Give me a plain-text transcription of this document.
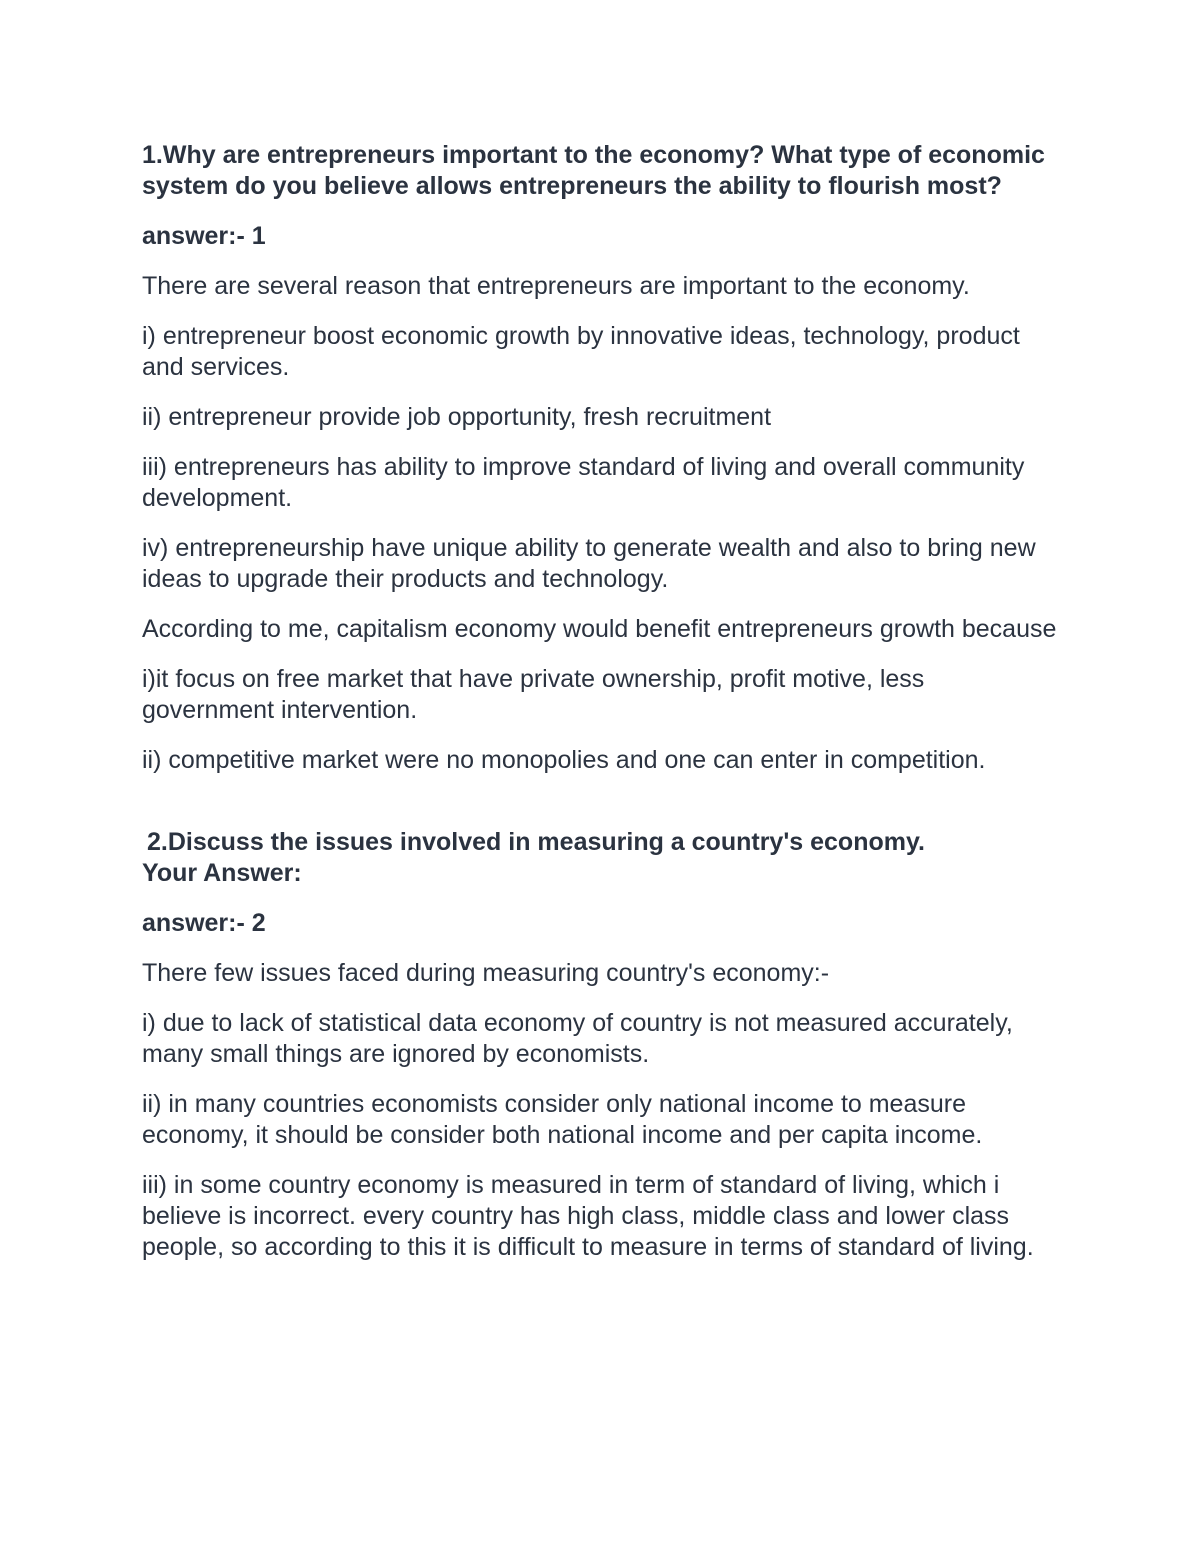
1.Why are entrepreneurs important to the economy? What type of economic system do you believe allows entrepreneurs the ability to flourish most?

answer:- 1

There are several reason that entrepreneurs are important to the economy.

i) entrepreneur boost economic growth by innovative ideas, technology, product and services.

ii) entrepreneur provide job opportunity, fresh recruitment

iii) entrepreneurs has ability to improve standard of living and overall community development.

iv) entrepreneurship have unique ability to generate wealth and also to bring new ideas to upgrade their products and technology.

According to me, capitalism economy would benefit entrepreneurs growth because

i)it focus on free market that have private ownership, profit motive, less government intervention.

ii) competitive market were no monopolies and one can enter in competition.

2.Discuss the issues involved in measuring a country's economy.

Your Answer:

answer:- 2

There few issues faced during measuring country's economy:-

i) due to lack of statistical data economy of country is not measured accurately, many small things are ignored by economists.

ii) in many countries economists consider only national income to measure economy, it should be consider both national income and per capita income.

iii) in some country economy is measured in term of standard of living, which i believe is incorrect. every country has high class, middle class and lower class people, so according to this it is difficult to measure in terms of standard of living.
